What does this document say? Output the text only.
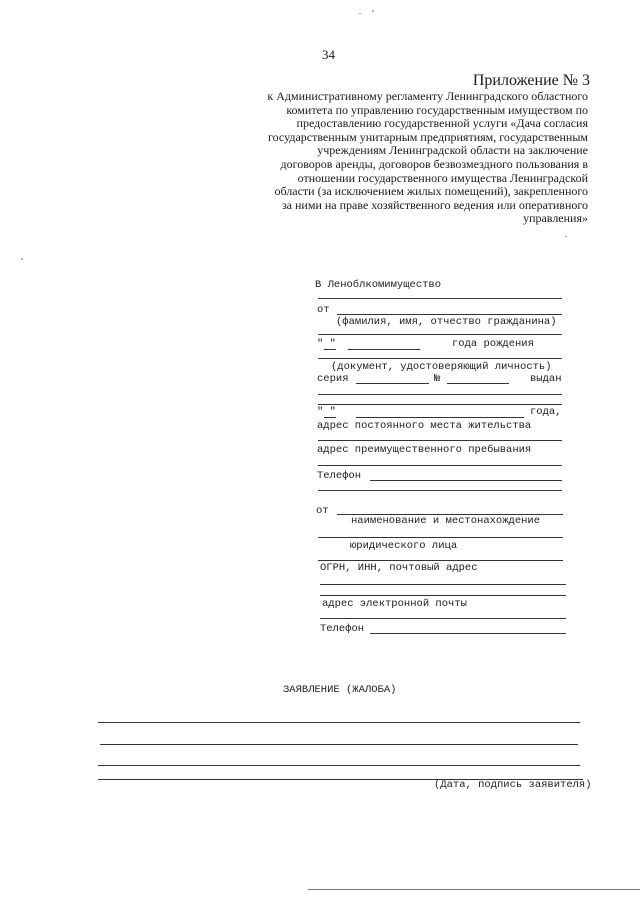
34
Приложение № 3
к Административному регламенту Ленинградского областного
комитета по управлению государственным имуществом по
предоставлению государственной услуги «Дача согласия
государственным унитарным предприятиям, государственным
учреждениям Ленинградской области на заключение
договоров аренды, договоров безвозмездного пользования в
отношении государственного имущества Ленинградской
области (за исключением жилых помещений), закрепленного
за ними на праве хозяйственного ведения или оперативного
управления»
В Леноблкомимущество
от
(фамилия, имя, отчество гражданина)
" "	года рождения
(документ, удостоверяющий личность)
серия	№	выдан
" "	года,
адрес постоянного места жительства
адрес преимущественного пребывания
Телефон
от
наименование и местонахождение
юридического лица
ОГРН, ИНН, почтовый адрес
адрес электронной почты
Телефон
ЗАЯВЛЕНИЕ (ЖАЛОБА)
(Дата, подпись заявителя)
